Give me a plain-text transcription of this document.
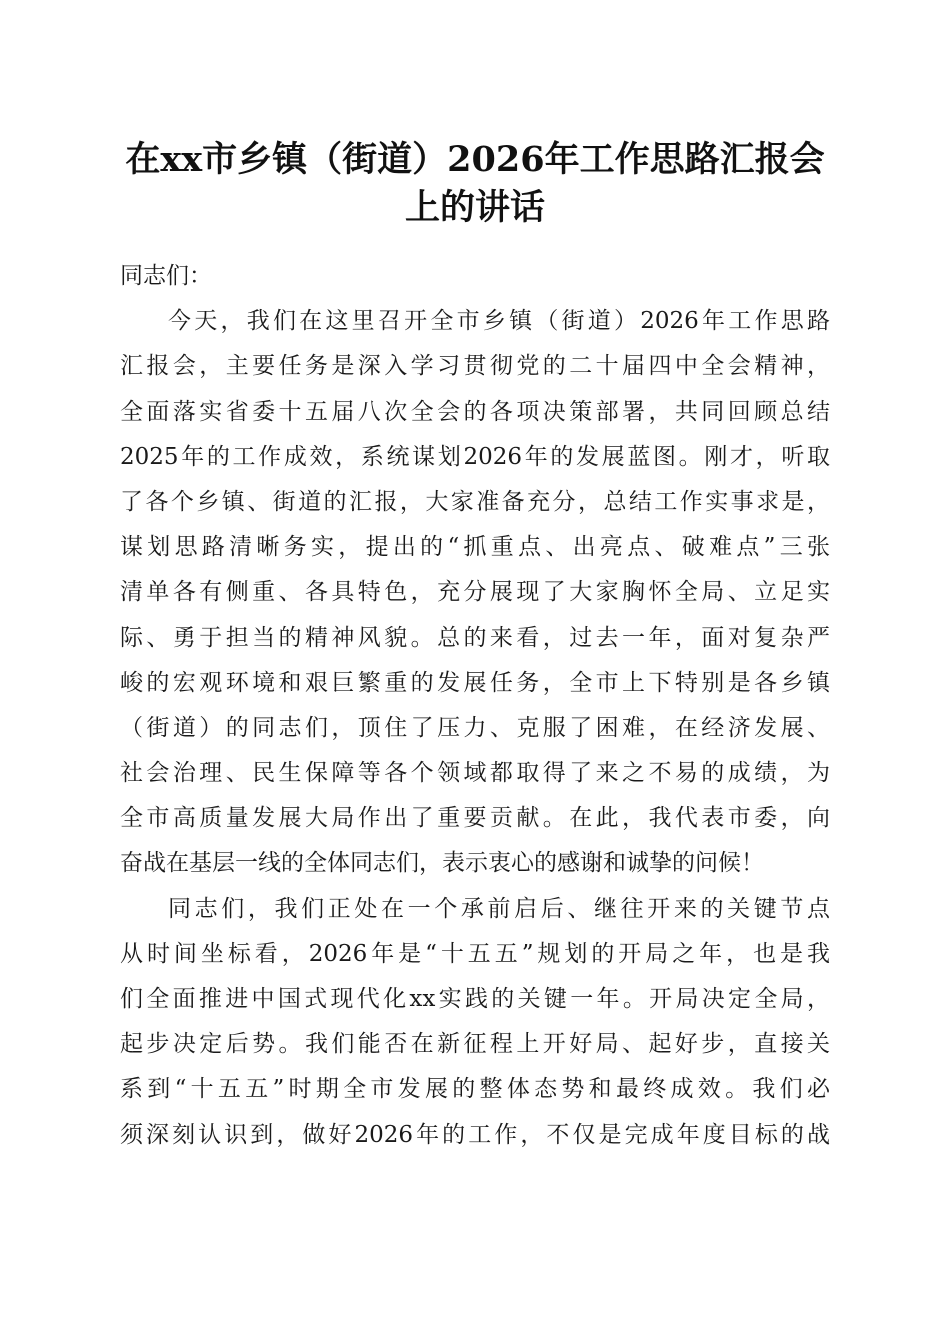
在xx市乡镇（街道）2026年工作思路汇报会
上的讲话
同志们：
今天，我们在这里召开全市乡镇（街道）2026年工作思路
汇报会，主要任务是深入学习贯彻党的二十届四中全会精神，
全面落实省委十五届八次全会的各项决策部署，共同回顾总结
2025年的工作成效，系统谋划2026年的发展蓝图。刚才，听取
了各个乡镇、街道的汇报，大家准备充分，总结工作实事求是，
谋划思路清晰务实，提出的“抓重点、出亮点、破难点”三张
清单各有侧重、各具特色，充分展现了大家胸怀全局、立足实
际、勇于担当的精神风貌。总的来看，过去一年，面对复杂严
峻的宏观环境和艰巨繁重的发展任务，全市上下特别是各乡镇
（街道）的同志们，顶住了压力、克服了困难，在经济发展、
社会治理、民生保障等各个领域都取得了来之不易的成绩，为
全市高质量发展大局作出了重要贡献。在此，我代表市委，向
奋战在基层一线的全体同志们，表示衷心的感谢和诚挚的问候！
同志们，我们正处在一个承前启后、继往开来的关键节点
从时间坐标看，2026年是“十五五”规划的开局之年，也是我
们全面推进中国式现代化xx实践的关键一年。开局决定全局，
起步决定后势。我们能否在新征程上开好局、起好步，直接关
系到“十五五”时期全市发展的整体态势和最终成效。我们必
须深刻认识到，做好2026年的工作，不仅是完成年度目标的战
